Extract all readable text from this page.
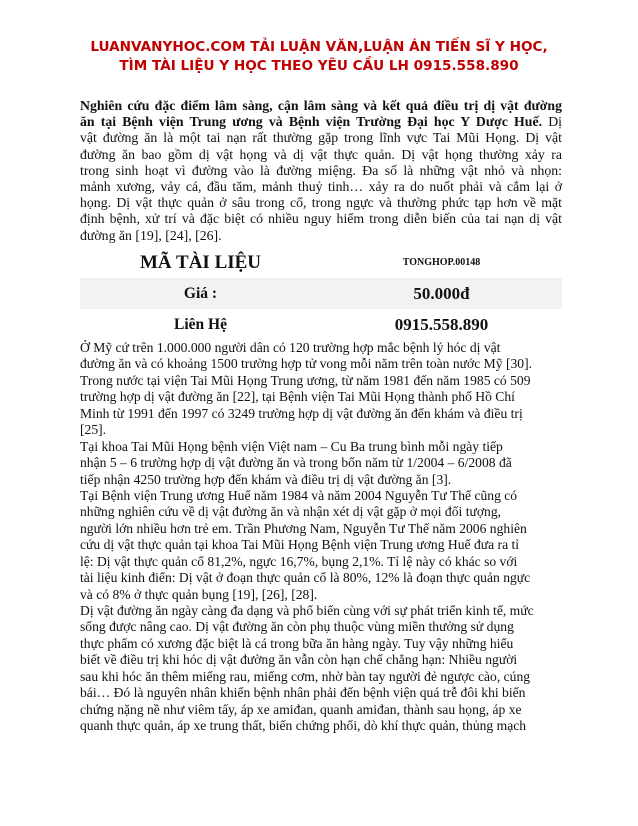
LUANVANYHOC.COM TẢI LUẬN VĂN,LUẬN ÁN TIẾN SĨ Y HỌC,
TÌM TÀI LIỆU Y HỌC THEO YÊU CẦU LH 0915.558.890
Nghiên cứu đặc điểm lâm sàng, cận lâm sàng và kết quả điều trị dị vật đường
ăn tại Bệnh viện Trung ương và Bệnh viện Trường Đại học Y Dược Huế. Dị
vật đường ăn là một tai nạn rất thường gặp trong lĩnh vực Tai Mũi Họng. Dị vật
đường ăn bao gồm dị vật họng và dị vật thực quản. Dị vật họng thường xảy ra
trong sinh hoạt vì đường vào là đường miệng. Đa số là những vật nhỏ và nhọn:
mảnh xương, vảy cá, đầu tăm, mảnh thuỷ tinh… xảy ra do nuốt phải và cắm lại ở
họng. Dị vật thực quản ở sâu trong cổ, trong ngực và thường phức tạp hơn về mặt
định bệnh, xử trí và đặc biệt có nhiều nguy hiểm trong diễn biến của tai nạn dị vật
đường ăn [19], [24], [26].
MÃ TÀI LIỆU	TONGHOP.00148
Giá :	50.000đ
Liên Hệ	0915.558.890
Ở Mỹ cứ trên 1.000.000 người dân có 120 trường hợp mắc bệnh lý hóc dị vật
đường ăn và có khoảng 1500 trường hợp tử vong mỗi năm trên toàn nước Mỹ [30].
Trong nước tại viện Tai Mũi Họng Trung ương, từ năm 1981 đến năm 1985 có 509
trường hợp dị vật đường ăn [22], tại Bệnh viện Tai Mũi Họng thành phố Hồ Chí
Minh từ 1991 đến 1997 có 3249 trường hợp dị vật đường ăn đến khám và điều trị
[25].
Tại khoa Tai Mũi Họng bệnh viện Việt nam – Cu Ba trung bình mỗi ngày tiếp
nhận 5 – 6 trường hợp dị vật đường ăn và trong bốn năm từ 1/2004 – 6/2008 đã
tiếp nhận 4250 trường hợp đến khám và điều trị dị vật đường ăn [3].
Tại Bệnh viện Trung ương Huế năm 1984 và năm 2004 Nguyễn Tư Thế cũng có
những nghiên cứu về dị vật đường ăn và nhận xét dị vật gặp ở mọi đối tượng,
người lớn nhiều hơn trẻ em. Trần Phương Nam, Nguyễn Tư Thế năm 2006 nghiên
cứu dị vật thực quản tại khoa Tai Mũi Họng Bệnh viện Trung ương Huế đưa ra tỉ
lệ: Dị vật thực quản cổ 81,2%, ngực 16,7%, bụng 2,1%. Tỉ lệ này có khác so với
tài liệu kinh điển: Dị vật ở đoạn thực quản cổ là 80%, 12% là đoạn thực quản ngực
và có 8% ở thực quản bụng [19], [26], [28].
Dị vật đường ăn ngày càng đa dạng và phổ biến cùng với sự phát triển kinh tế, mức
sống được nâng cao. Dị vật đường ăn còn phụ thuộc vùng miền thưởng sử dụng
thực phẩm có xương đặc biệt là cá trong bữa ăn hàng ngày. Tuy vậy những hiểu
biết về điều trị khi hóc dị vật đường ăn vẫn còn hạn chế chẳng hạn: Nhiều người
sau khi hóc ăn thêm miếng rau, miếng cơm, nhờ bàn tay người đẻ ngược cào, cúng
bái… Đó là nguyên nhân khiến bệnh nhân phải đến bệnh viện quá trễ đôi khi biến
chứng nặng nề như viêm tấy, áp xe amiđan, quanh amiđan, thành sau họng, áp xe
quanh thực quản, áp xe trung thất, biến chứng phổi, dò khí thực quản, thủng mạch
